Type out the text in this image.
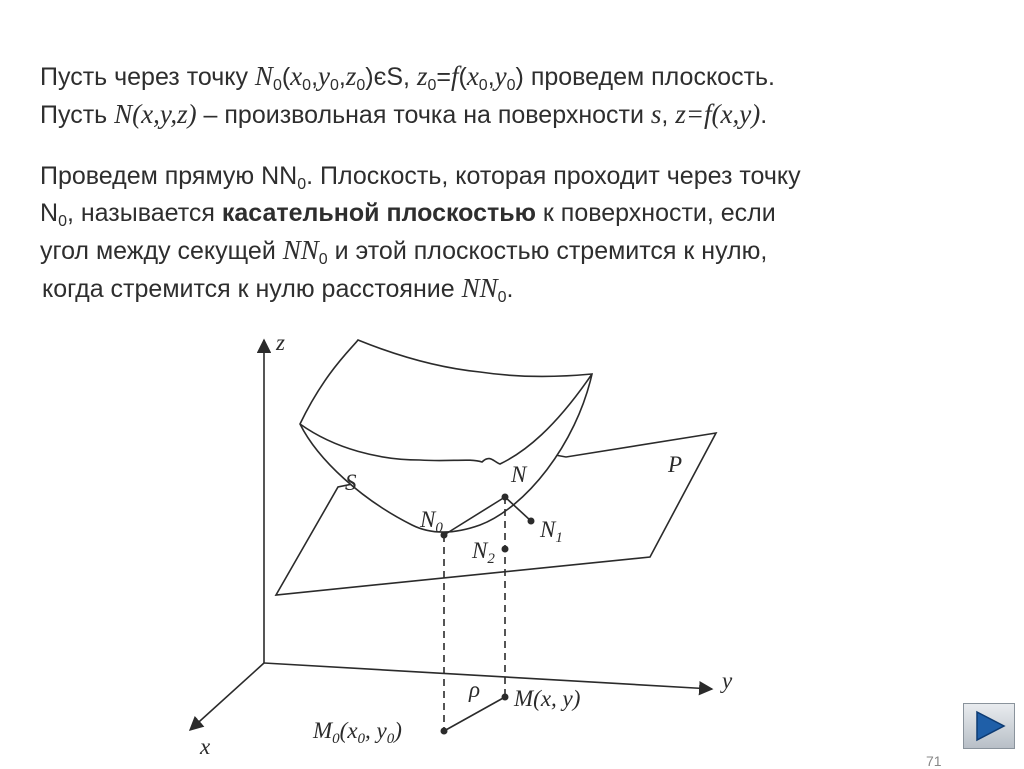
Пусть через точку $N_0(x_0,y_0,z_0)єS$, $z_0=f(x_0,y_0)$ проведем плоскость.
Пусть N(x,y,z) – произвольная точка на поверхности s, z=f(x,y).
Проведем прямую $NN_0$. Плоскость, которая проходит через точку
$N_0$, называется касательной плоскостью к поверхности, если
угол между секущей $NN_0$ и этой плоскостью стремится к нулю,
когда стремится к нулю расстояние $NN_0$.
z
y
x
S
P
N
$N_0$	$N_1$
$N_2$
ρ M(x, y)
$M_0(x_0$, $y_0$)
71
